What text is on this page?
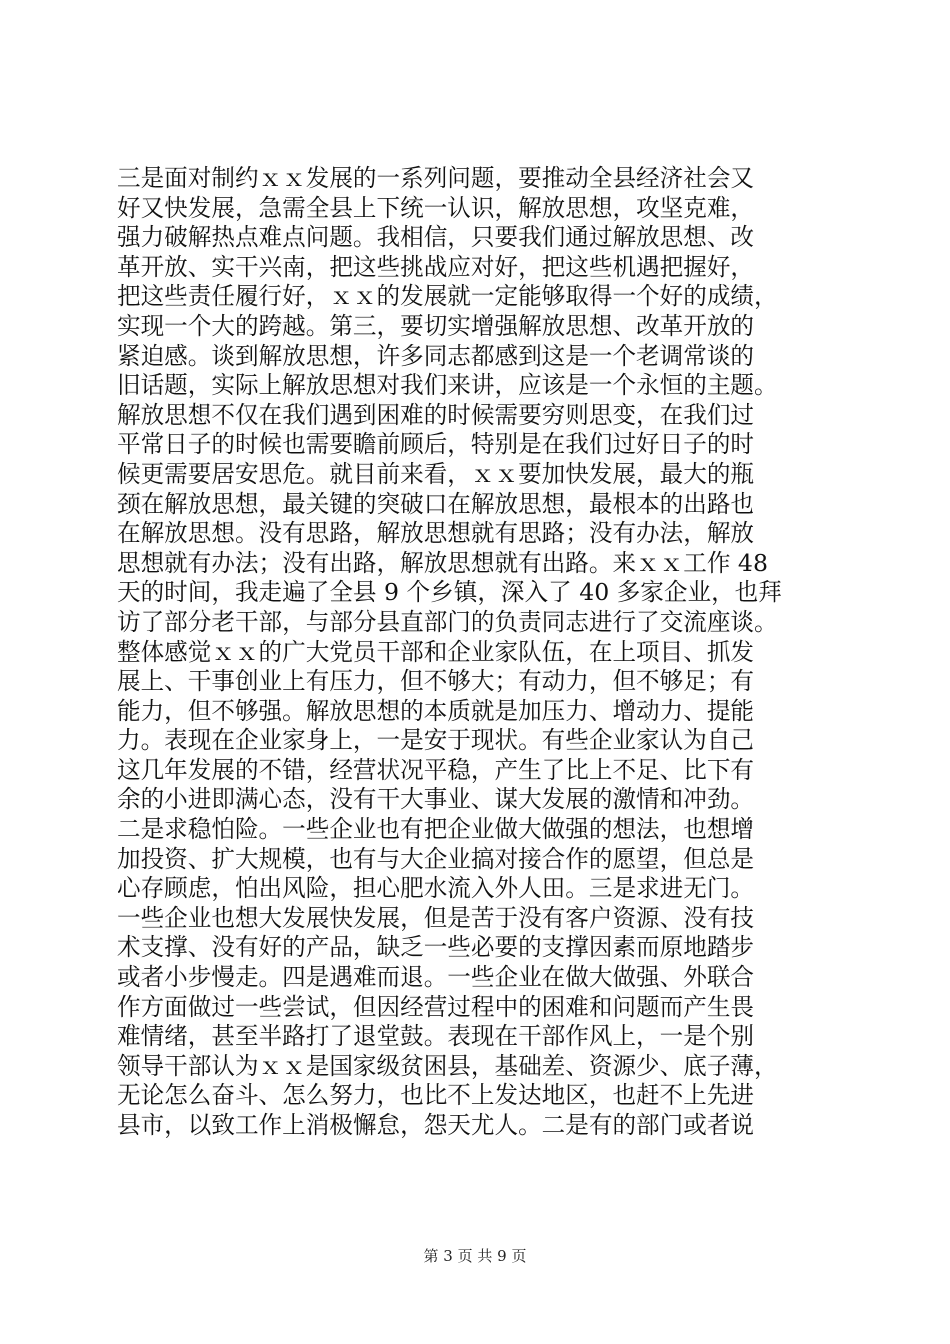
三是面对制约ｘｘ发展的一系列问题，要推动全县经济社会又
好又快发展，急需全县上下统一认识，解放思想，攻坚克难，
强力破解热点难点问题。我相信，只要我们通过解放思想、改
革开放、实干兴南，把这些挑战应对好，把这些机遇把握好，
把这些责任履行好，ｘｘ的发展就一定能够取得一个好的成绩，
实现一个大的跨越。第三，要切实增强解放思想、改革开放的
紧迫感。谈到解放思想，许多同志都感到这是一个老调常谈的
旧话题，实际上解放思想对我们来讲，应该是一个永恒的主题。
解放思想不仅在我们遇到困难的时候需要穷则思变，在我们过
平常日子的时候也需要瞻前顾后，特别是在我们过好日子的时
候更需要居安思危。就目前来看，ｘｘ要加快发展，最大的瓶
颈在解放思想，最关键的突破口在解放思想，最根本的出路也
在解放思想。没有思路，解放思想就有思路；没有办法，解放
思想就有办法；没有出路，解放思想就有出路。来ｘｘ工作 48
天的时间，我走遍了全县 9 个乡镇，深入了 40 多家企业，也拜
访了部分老干部，与部分县直部门的负责同志进行了交流座谈。
整体感觉ｘｘ的广大党员干部和企业家队伍，在上项目、抓发
展上、干事创业上有压力，但不够大；有动力，但不够足；有
能力，但不够强。解放思想的本质就是加压力、增动力、提能
力。表现在企业家身上，一是安于现状。有些企业家认为自己
这几年发展的不错，经营状况平稳，产生了比上不足、比下有
余的小进即满心态，没有干大事业、谋大发展的激情和冲劲。
二是求稳怕险。一些企业也有把企业做大做强的想法，也想增
加投资、扩大规模，也有与大企业搞对接合作的愿望，但总是
心存顾虑，怕出风险，担心肥水流入外人田。三是求进无门。
一些企业也想大发展快发展，但是苦于没有客户资源、没有技
术支撑、没有好的产品，缺乏一些必要的支撑因素而原地踏步
或者小步慢走。四是遇难而退。一些企业在做大做强、外联合
作方面做过一些尝试，但因经营过程中的困难和问题而产生畏
难情绪，甚至半路打了退堂鼓。表现在干部作风上，一是个别
领导干部认为ｘｘ是国家级贫困县，基础差、资源少、底子薄，
无论怎么奋斗、怎么努力，也比不上发达地区，也赶不上先进
县市，以致工作上消极懈怠，怨天尤人。二是有的部门或者说
第 3 页 共 9 页
